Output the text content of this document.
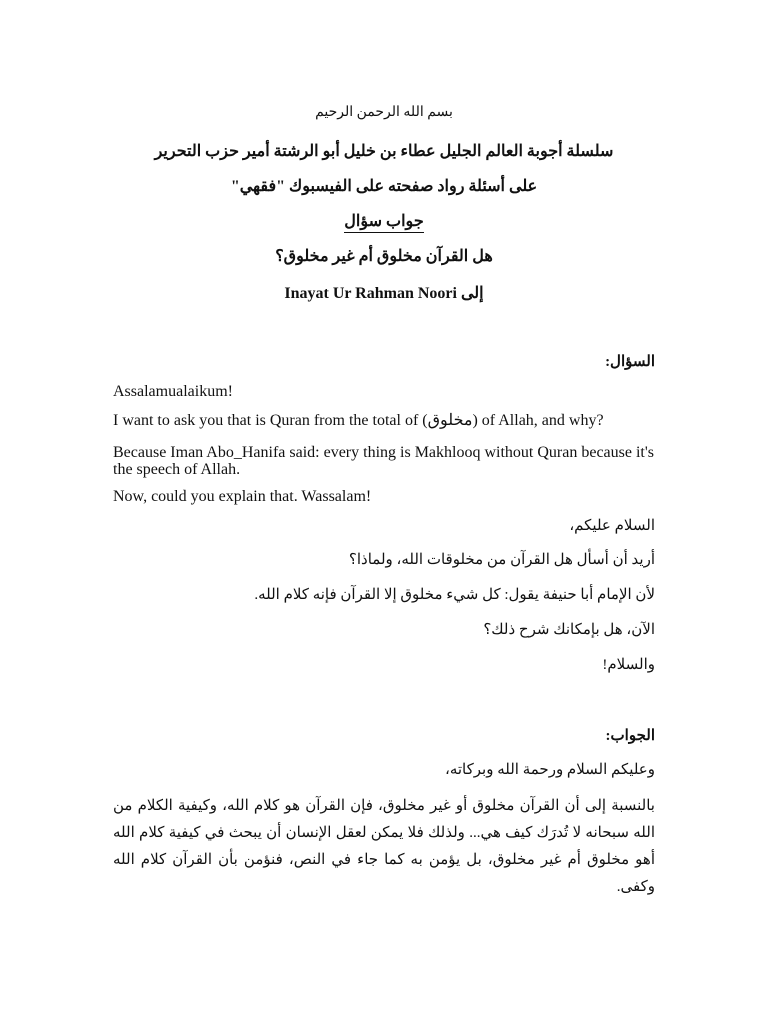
بسم الله الرحمن الرحيم

سلسلة أجوبة العالم الجليل عطاء بن خليل أبو الرشتة أمير حزب التحرير

على أسئلة رواد صفحته على الفيسبوك "فقهي"

جواب سؤال

هل القرآن مخلوق أم غير مخلوق؟

إلى Inayat Ur Rahman Noori

السؤال:

Assalamualaikum!

I want to ask you that is Quran from the total of (مخلوق) of Allah, and why?

Because Iman Abo_Hanifa said: every thing is Makhlooq without Quran because it's the speech of Allah.

Now, could you explain that. Wassalam!

السلام عليكم،

أريد أن أسأل هل القرآن من مخلوقات الله، ولماذا؟

لأن الإمام أبا حنيفة يقول: كل شيء مخلوق إلا القرآن فإنه كلام الله.

الآن، هل بإمكانك شرح ذلك؟

والسلام!

الجواب:

وعليكم السلام ورحمة الله وبركاته،

بالنسبة إلى أن القرآن مخلوق أو غير مخلوق، فإن القرآن هو كلام الله، وكيفية الكلام من الله سبحانه لا تُدرَك كيف هي... ولذلك فلا يمكن لعقل الإنسان أن يبحث في كيفية كلام الله أهو مخلوق أم غير مخلوق، بل يؤمن به كما جاء في النص، فنؤمن بأن القرآن كلام الله وكفى.
